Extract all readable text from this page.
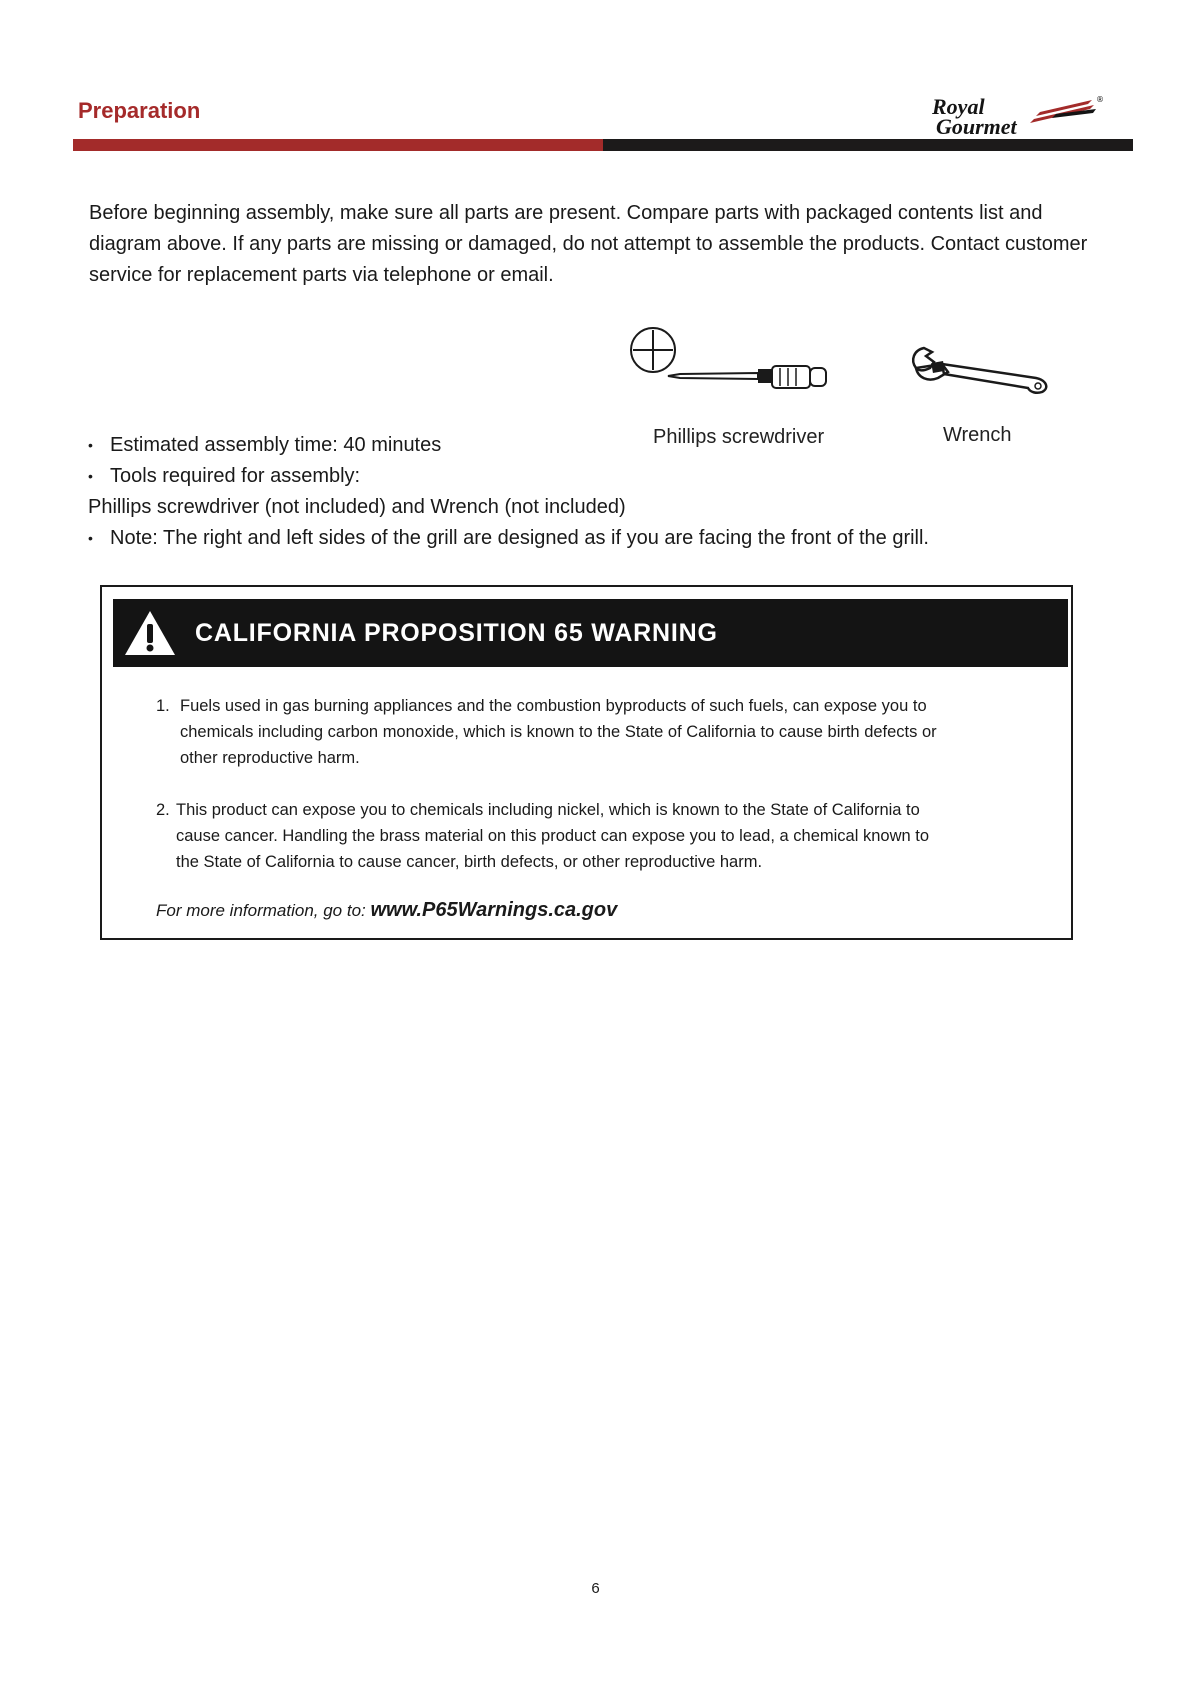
Preparation	Royal
Gourmet
®

Before beginning assembly, make sure all parts are present. Compare parts with packaged contents list and diagram above. If any parts are missing or damaged, do not attempt to assemble the products. Contact customer service for replacement parts via telephone or email.

Phillips screwdriver	Wrench
• Estimated assembly time: 40 minutes
• Tools required for assembly:
Phillips screwdriver (not included) and Wrench (not included)
• Note: The right and left sides of the grill are designed as if you are facing the front of the grill.
CALIFORNIA PROPOSITION 65 WARNING
1. Fuels used in gas burning appliances and the combustion byproducts of such fuels, can expose you to
chemicals including carbon monoxide, which is known to the State of California to cause birth defects or
other reproductive harm.
2. This product can expose you to chemicals including nickel, which is known to the State of California to
cause cancer. Handling the brass material on this product can expose you to lead, a chemical known to
the State of California to cause cancer, birth defects, or other reproductive harm.
For more information, go to: www.P65Warnings.ca.gov
6
